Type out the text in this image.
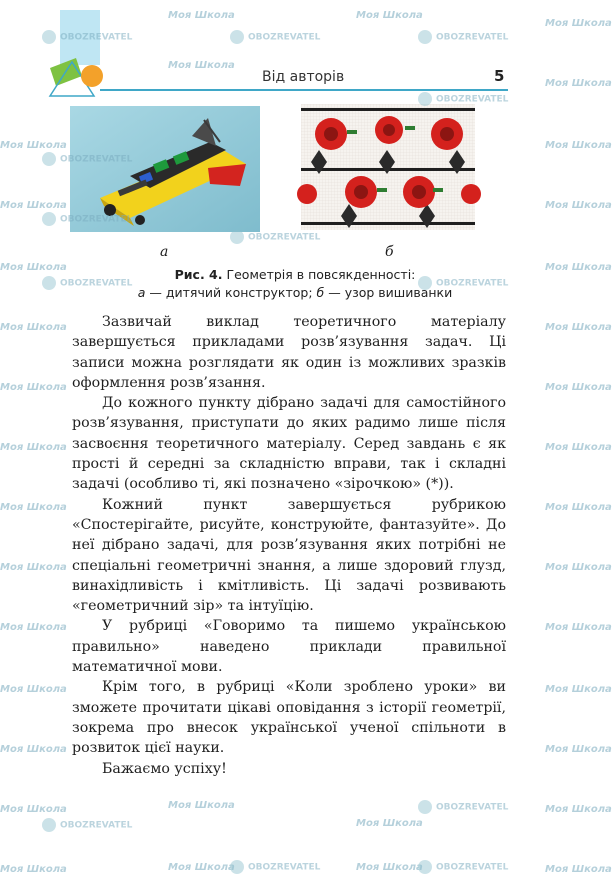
Від авторів	5
а	б
Рис. 4. Геометрія в повсякденності:
а — дитячий конструктор; б — узор вишиванки

Зазвичай виклад теоретичного матеріалу завершується прикладами розв’язування задач. Ці записи можна розглядати як один із можливих зразків оформлення розв’язання.

До кожного пункту дібрано задачі для самостійного розв’язування, приступати до яких радимо лише після засвоєння теоретичного матеріалу. Серед завдань є як прості й середні за складністю вправи, так і складні задачі (особливо ті, які позначено «зірочкою» (*)).

Кожний пункт завершується рубрикою «Спостерігайте, рисуйте, конструюйте, фантазуйте». До неї дібрано задачі, для розв’язування яких потрібні не спеціальні геометричні знання, а лише здоровий глузд, винахідливість і кмітливість. Ці задачі розвивають «геометричний зір» та інтуїцію.

У рубриці «Говоримо та пишемо українською правильно» наведено приклади правильної математичної мови.

Крім того, в рубриці «Коли зроблено уроки» ви зможете прочитати цікаві оповідання з історії геометрії, зокрема про внесок української ученої спільноти в розвиток цієї науки.

Бажаємо успіху!

Моя Школа	Моя Школа
Моя Школа
OBOZREVATEL	OBOZREVATEL	OBOZREVATEL
Моя Школа
Моя Школа
OBOZREVATEL
Моя Школа	Моя Школа
OBOZREVATEL
Моя Школа	Моя Школа
OBOZREVATEL
OBOZREVATEL
Моя Школа	Моя Школа
OBOZREVATEL	OBOZREVATEL
Моя Школа	Моя Школа
Моя Школа	Моя Школа
Моя Школа	Моя Школа
Моя Школа	Моя Школа
Моя Школа	Моя Школа
Моя Школа	Моя Школа
Моя Школа	Моя Школа
Моя Школа	Моя Школа
Моя Школа	Моя Школа
Моя Школа
Моя Школа
OBOZREVATEL
OBOZREVATEL
Моя Школа	Моя Школа	OBOZREVATEL	Моя Школа	OBOZREVATEL	Моя Школа
